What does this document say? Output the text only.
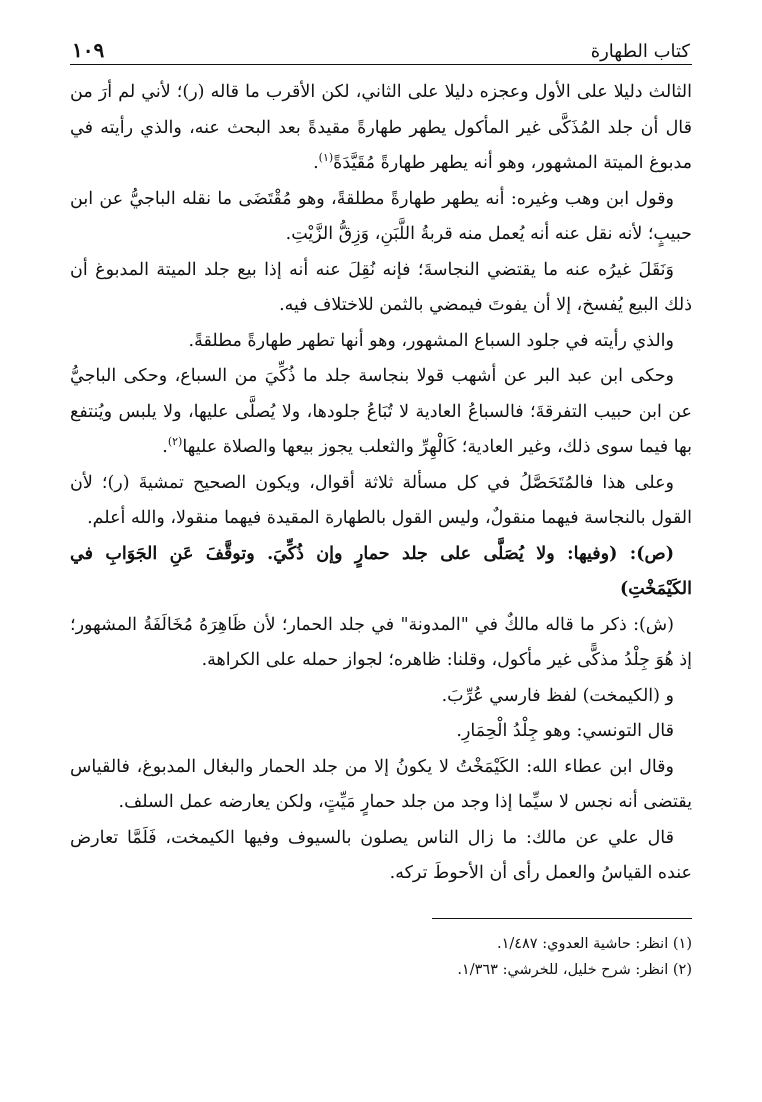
كتاب الطهارة
١٠٩

الثالث دليلا على الأول وعجزه دليلا على الثاني، لكن الأقرب ما قاله (ر)؛ لأني لم أرَ من قال أن جلد المُذَكَّى غير المأكول يطهر طهارةً مقيدةً بعد البحث عنه، والذي رأيته في مدبوغ الميتة المشهور، وهو أنه يطهر طهارةً مُقَيَّدَةً$^{(١)}$.

وقول ابن وهب وغيره: أنه يطهر طهارةً مطلقةً، وهو مُقْتَضَى ما نقله الباجيُّ عن ابن حبيبٍ؛ لأنه نقل عنه أنه يُعمل منه قربةُ اللَّبَنِ، وَزِقُّ الزَّيْتِ.

وَنَقَلَ غيرُه عنه ما يقتضي النجاسةَ؛ فإنه نُقِلَ عنه أنه إذا بيع جلد الميتة المدبوغ أن ذلك البيع يُفسخ، إلا أن يفوتَ فيمضي بالثمن للاختلاف فيه.

والذي رأيته في جلود السباع المشهور، وهو أنها تطهر طهارةً مطلقةً.

وحكى ابن عبد البر عن أشهب قولا بنجاسة جلد ما ذُكِّيَ من السباع، وحكى الباجيُّ عن ابن حبيب التفرقةَ؛ فالسباعُ العادية لا تُبَاعُ جلودها، ولا يُصلَّى عليها، ولا يلبس ويُنتفع بها فيما سوى ذلك، وغير العادية؛ كَالْهِرِّ والثعلب يجوز بيعها والصلاة عليها$^{(٢)}$.

وعلى هذا فالمُتَحَصَّلُ في كل مسألة ثلاثة أقوال، ويكون الصحيح تمشيةَ (ر)؛ لأن القول بالنجاسة فيهما منقولٌ، وليس القول بالطهارة المقيدة فيهما منقولا، والله أعلم.

(ص): (وفيها: ولا يُصَلَّى على جلد حمارٍ وإن ذُكِّيَ. وتوقَّفَ عَنِ الجَوَابِ في الكَيْمَخْتِ)

(ش): ذكر ما قاله مالكٌ في "المدونة" في جلد الحمار؛ لأن ظَاهِرَهُ مُخَالَفَةُ المشهور؛ إذ هُوَ جِلْدُ مذكًّى غير مأكول، وقلنا: ظاهره؛ لجواز حمله على الكراهة.

و (الكيمخت) لفظ فارسي عُرِّبَ.

قال التونسي: وهو جِلْدُ الْحِمَارِ.

وقال ابن عطاء الله: الكَيْمَخْتُ لا يكونُ إلا من جلد الحمار والبغال المدبوغ، فالقياس يقتضى أنه نجس لا سيِّما إذا وجد من جلد حمارٍ مَيِّتٍ، ولكن يعارضه عمل السلف.

قال علي عن مالك: ما زال الناس يصلون بالسيوف وفيها الكيمخت، فَلَمَّا تعارض عنده القياسُ والعمل رأى أن الأحوطَ تركه.

(١) انظر: حاشية العدوي: ١/٤٨٧.

(٢) انظر: شرح خليل، للخرشي: ١/٣٦٣.
